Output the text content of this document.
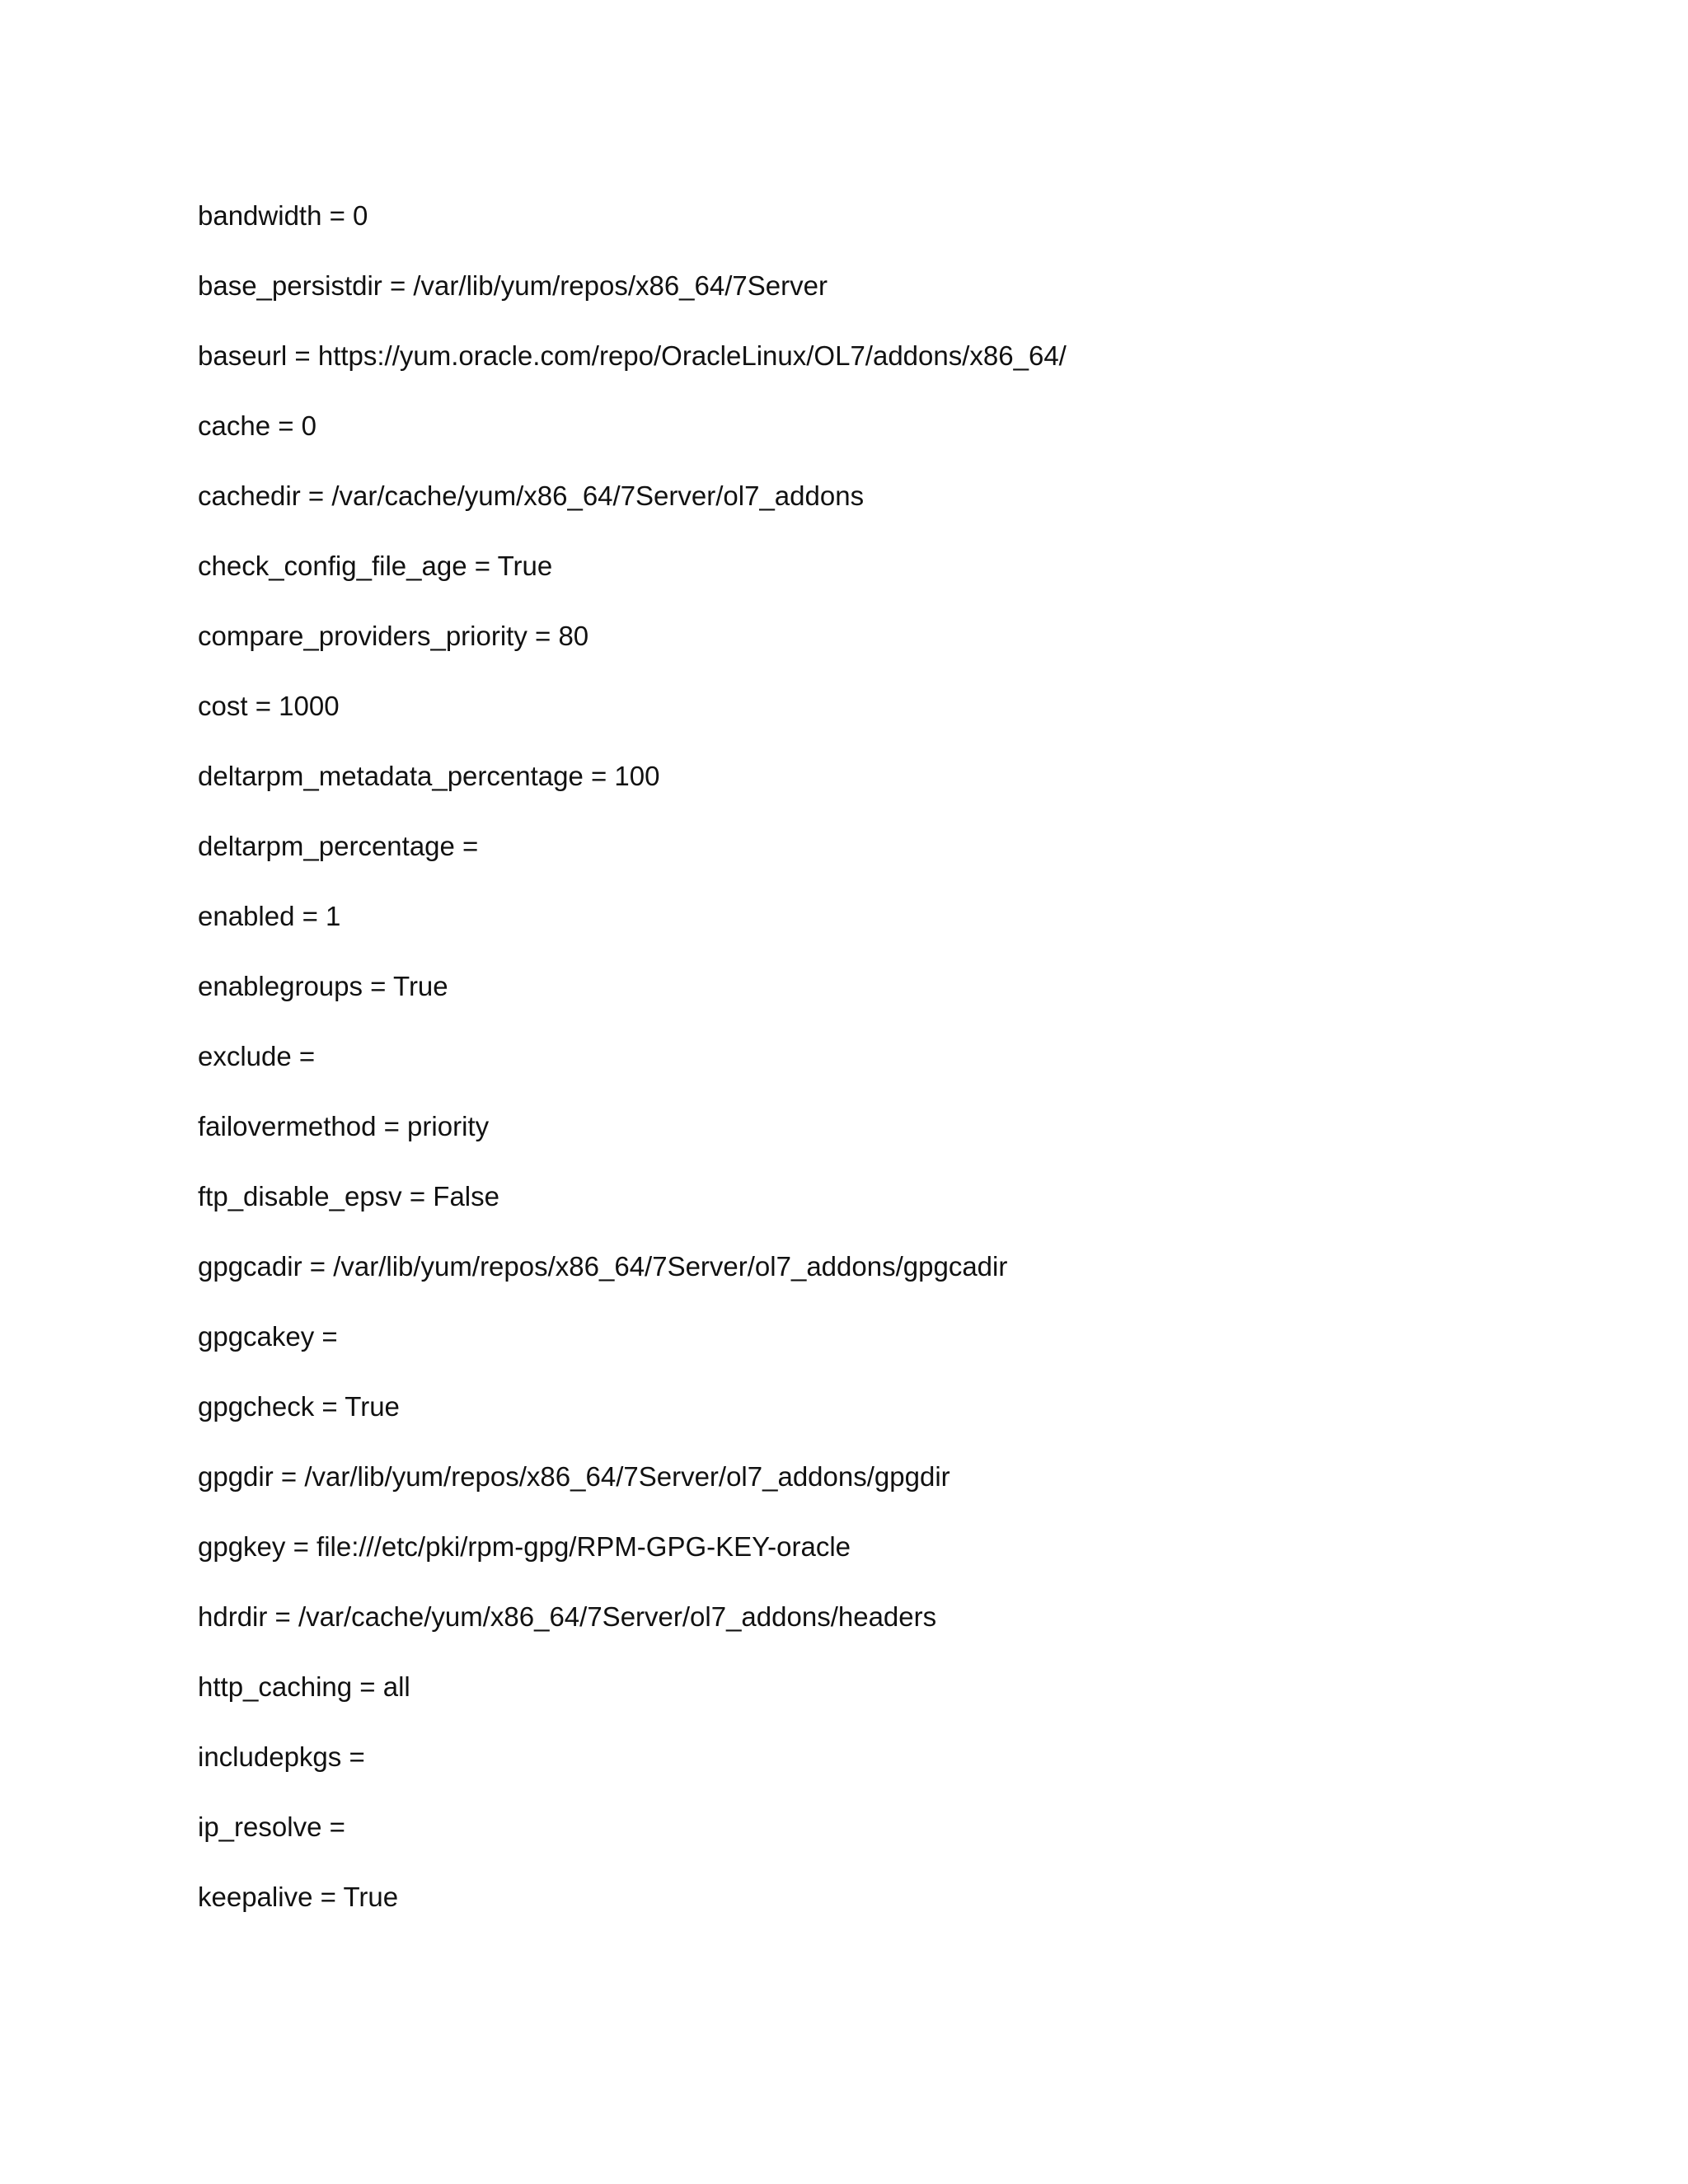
bandwidth = 0
base_persistdir = /var/lib/yum/repos/x86_64/7Server
baseurl = https://yum.oracle.com/repo/OracleLinux/OL7/addons/x86_64/
cache = 0
cachedir = /var/cache/yum/x86_64/7Server/ol7_addons
check_config_file_age = True
compare_providers_priority = 80
cost = 1000
deltarpm_metadata_percentage = 100
deltarpm_percentage =
enabled = 1
enablegroups = True
exclude =
failovermethod = priority
ftp_disable_epsv = False
gpgcadir = /var/lib/yum/repos/x86_64/7Server/ol7_addons/gpgcadir
gpgcakey =
gpgcheck = True
gpgdir = /var/lib/yum/repos/x86_64/7Server/ol7_addons/gpgdir
gpgkey = file:///etc/pki/rpm-gpg/RPM-GPG-KEY-oracle
hdrdir = /var/cache/yum/x86_64/7Server/ol7_addons/headers
http_caching = all
includepkgs =
ip_resolve =
keepalive = True
